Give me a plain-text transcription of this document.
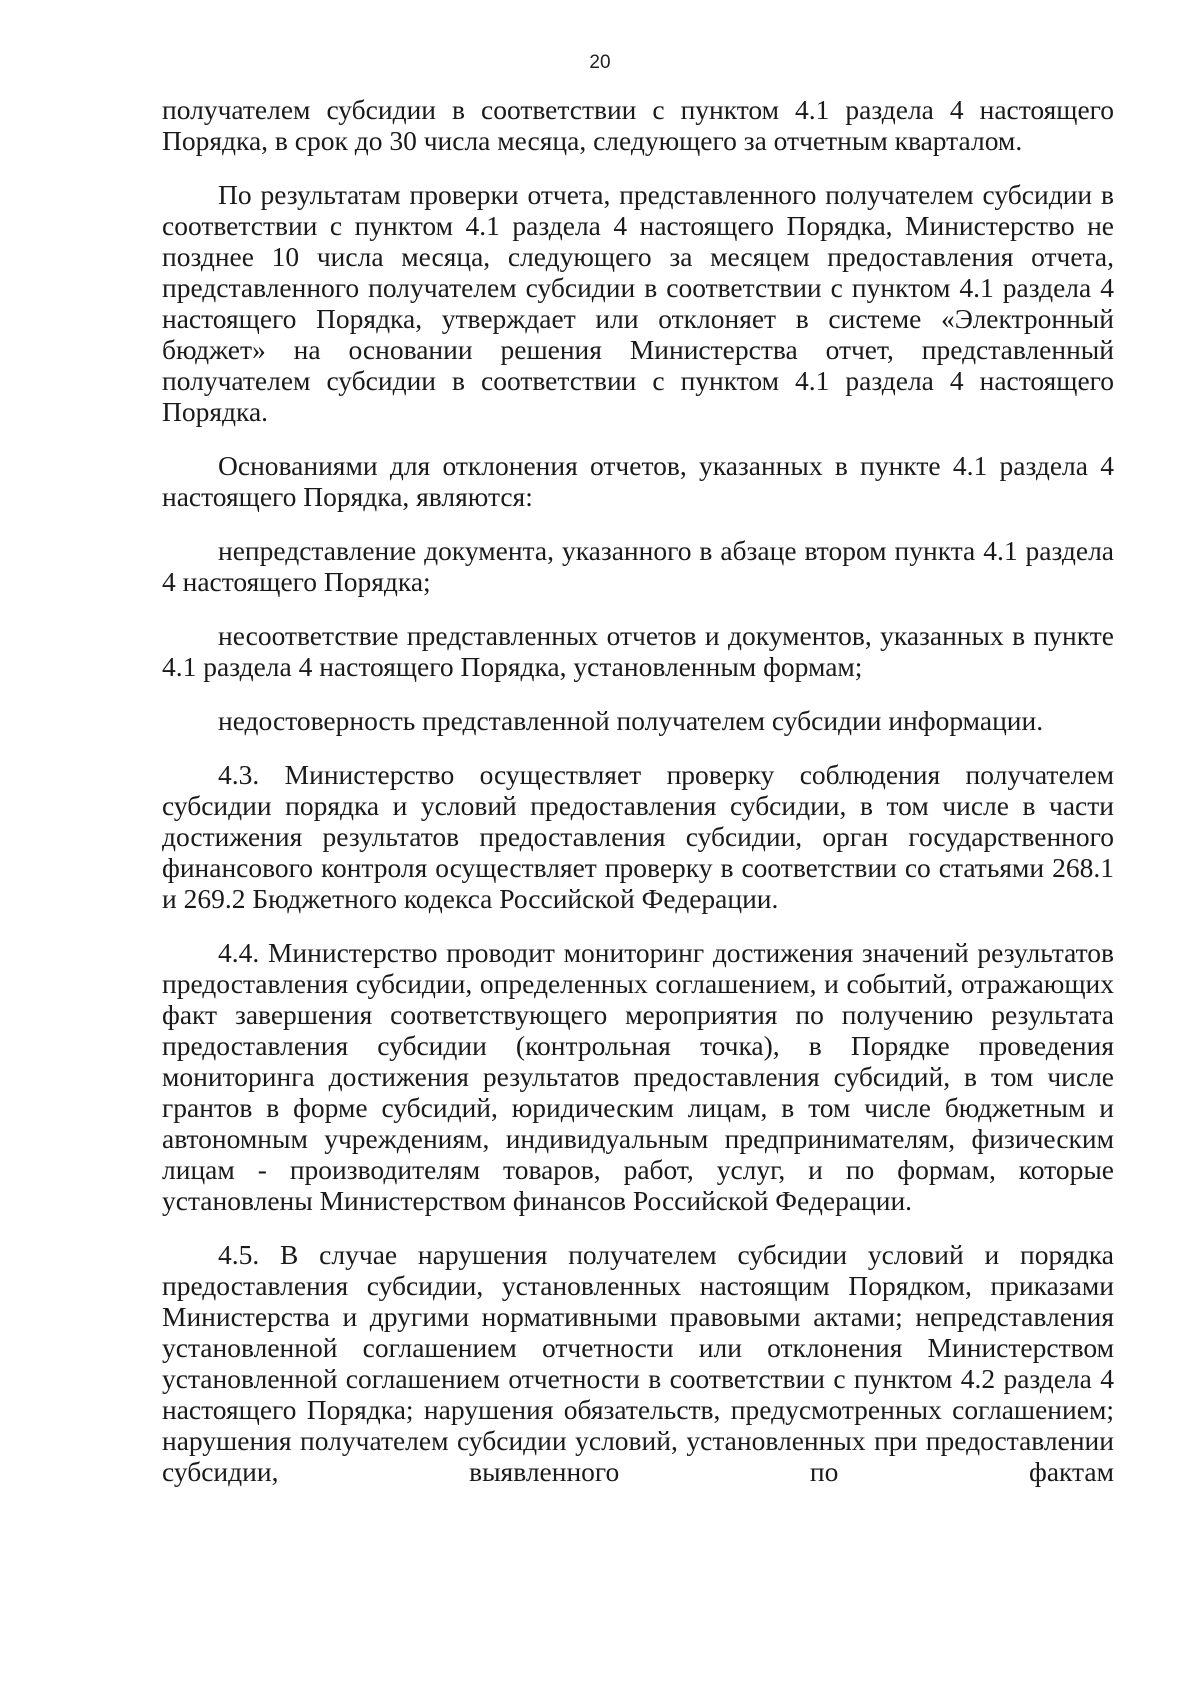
20

получателем субсидии в соответствии с пунктом 4.1 раздела 4 настоящего Порядка, в срок до 30 числа месяца, следующего за отчетным кварталом.

По результатам проверки отчета, представленного получателем субсидии в соответствии с пунктом 4.1 раздела 4 настоящего Порядка, Министерство не позднее 10 числа месяца, следующего за месяцем предоставления отчета, представленного получателем субсидии в соответствии с пунктом 4.1 раздела 4 настоящего Порядка, утверждает или отклоняет в системе «Электронный бюджет» на основании решения Министерства отчет, представленный получателем субсидии в соответствии с пунктом 4.1 раздела 4 настоящего Порядка.

Основаниями для отклонения отчетов, указанных в пункте 4.1 раздела 4 настоящего Порядка, являются:

непредставление документа, указанного в абзаце втором пункта 4.1 раздела 4 настоящего Порядка;

несоответствие представленных отчетов и документов, указанных в пункте 4.1 раздела 4 настоящего Порядка, установленным формам;

недостоверность представленной получателем субсидии информации.

4.3. Министерство осуществляет проверку соблюдения получателем субсидии порядка и условий предоставления субсидии, в том числе в части достижения результатов предоставления субсидии, орган государственного финансового контроля осуществляет проверку в соответствии со статьями 268.1 и 269.2 Бюджетного кодекса Российской Федерации.

4.4. Министерство проводит мониторинг достижения значений результатов предоставления субсидии, определенных соглашением, и событий, отражающих факт завершения соответствующего мероприятия по получению результата предоставления субсидии (контрольная точка), в Порядке проведения мониторинга достижения результатов предоставления субсидий, в том числе грантов в форме субсидий, юридическим лицам, в том числе бюджетным и автономным учреждениям, индивидуальным предпринимателям, физическим лицам - производителям товаров, работ, услуг, и по формам, которые установлены Министерством финансов Российской Федерации.

4.5. В случае нарушения получателем субсидии условий и порядка предоставления субсидии, установленных настоящим Порядком, приказами Министерства и другими нормативными правовыми актами; непредставления установленной соглашением отчетности или отклонения Министерством установленной соглашением отчетности в соответствии с пунктом 4.2 раздела 4 настоящего Порядка; нарушения обязательств, предусмотренных соглашением; нарушения получателем субсидии условий, установленных при предоставлении субсидии, выявленного по фактам
